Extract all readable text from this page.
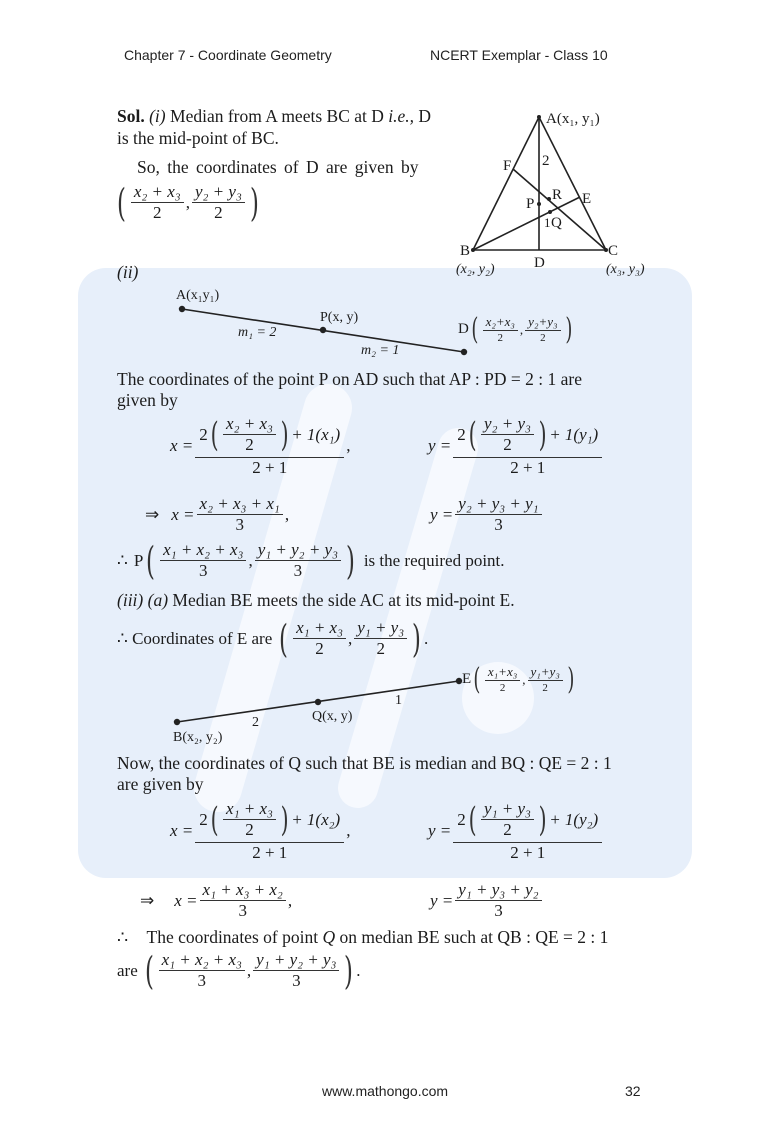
Chapter 7 - Coordinate Geometry	NCERT Exemplar - Class 10
Sol. (i) Median from A meets BC at D i.e., D
is the mid-point of BC.
So, the coordinates of D are given by
( $\frac{\text{x₂ + x₃}}{2}$ , $\frac{\text{y₂ + y₃}}{2}$ )
A(x₁, y₁)
F 2
R E
P
1 Q
B	C
D
(x₂, y₂)	(x₃, y₃)
(ii)
A(x₁y₁)
P(x, y)
m₁ = 2
m₂ = 1
D ( $\frac{\text{x₂+x₃}}{2}$ , $\frac{\text{y₂+y₃}}{2}$ )
The coordinates of the point P on AD such that AP : PD = 2 : 1 are
given by
$x = \frac{2 ( \frac{\text{x₂ + x₃}}{2} ) + 1(x_1)}{2 + 1}$ ,	$y = \frac{2 ( \frac{\text{y₂ + y₃}}{2} ) + 1(y_1)}{2 + 1}$
⇒ $x = \frac{\text{x₂ + x₃ + x₁}}{3}$ ,	$y = \frac{\text{y₂ + y₃ + y₁}}{3}$
∴ P ( $\frac{\text{x₁ + x₂ + x₃}}{3}$ , $\frac{\text{y₁ + y₂ + y₃}}{3}$ ) is the required point.
(iii) (a) Median BE meets the side AC at its mid-point E.
∴ Coordinates of E are ( $\frac{\text{x₁ + x₃}}{2}$ , $\frac{\text{y₁ + y₃}}{2}$ ) .
E ( $\frac{\text{x₁+x₃}}{2}$ , $\frac{\text{y₁+y₃}}{2}$ )
1
2	Q(x, y)
B(x₂, y₂)
Now, the coordinates of Q such that BE is median and BQ : QE = 2 : 1
are given by
$x = \frac{2 ( \frac{\text{x₁ + x₃}}{2} ) + 1(x_2)}{2 + 1}$ ,	$y = \frac{2 ( \frac{\text{y₁ + y₃}}{2} ) + 1(y_2)}{2 + 1}$
⇒ $x = \frac{\text{x₁ + x₃ + x₂}}{3}$ ,	$y = \frac{\text{y₁ + y₃ + y₂}}{3}$
∴ The coordinates of point Q on median BE such at QB : QE = 2 : 1
are ( $\frac{\text{x₁ + x₂ + x₃}}{3}$ , $\frac{\text{y₁ + y₂ + y₃}}{3}$ ) .
www.mathongo.com	32
